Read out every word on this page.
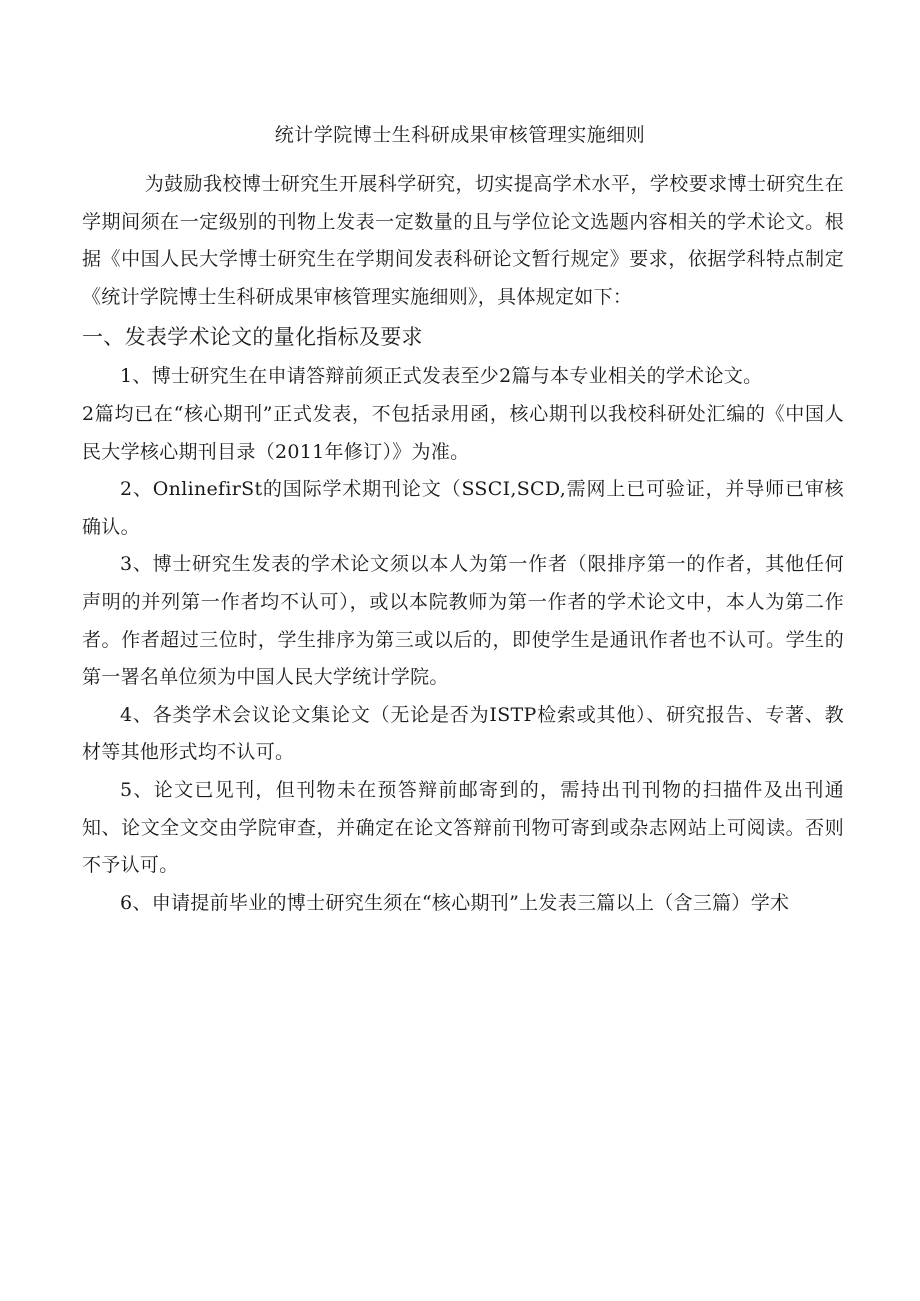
统计学院博士生科研成果审核管理实施细则

为鼓励我校博士研究生开展科学研究，切实提高学术水平，学校要求博士研究生在学期间须在一定级别的刊物上发表一定数量的且与学位论文选题内容相关的学术论文。根据《中国人民大学博士研究生在学期间发表科研论文暂行规定》要求，依据学科特点制定《统计学院博士生科研成果审核管理实施细则》，具体规定如下：

一、发表学术论文的量化指标及要求

1、博士研究生在申请答辩前须正式发表至少2篇与本专业相关的学术论文。

2篇均已在“核心期刊”正式发表，不包括录用函，核心期刊以我校科研处汇编的《中国人民大学核心期刊目录（2011年修订）》为准。

2、OnlinefirSt的国际学术期刊论文（SSCI,SCD,需网上已可验证，并导师已审核确认。

3、博士研究生发表的学术论文须以本人为第一作者（限排序第一的作者，其他任何声明的并列第一作者均不认可），或以本院教师为第一作者的学术论文中，本人为第二作者。作者超过三位时，学生排序为第三或以后的，即使学生是通讯作者也不认可。学生的第一署名单位须为中国人民大学统计学院。

4、各类学术会议论文集论文（无论是否为ISTP检索或其他）、研究报告、专著、教材等其他形式均不认可。

5、论文已见刊，但刊物未在预答辩前邮寄到的，需持出刊刊物的扫描件及出刊通知、论文全文交由学院审查，并确定在论文答辩前刊物可寄到或杂志网站上可阅读。否则不予认可。

6、申请提前毕业的博士研究生须在“核心期刊”上发表三篇以上（含三篇）学术
